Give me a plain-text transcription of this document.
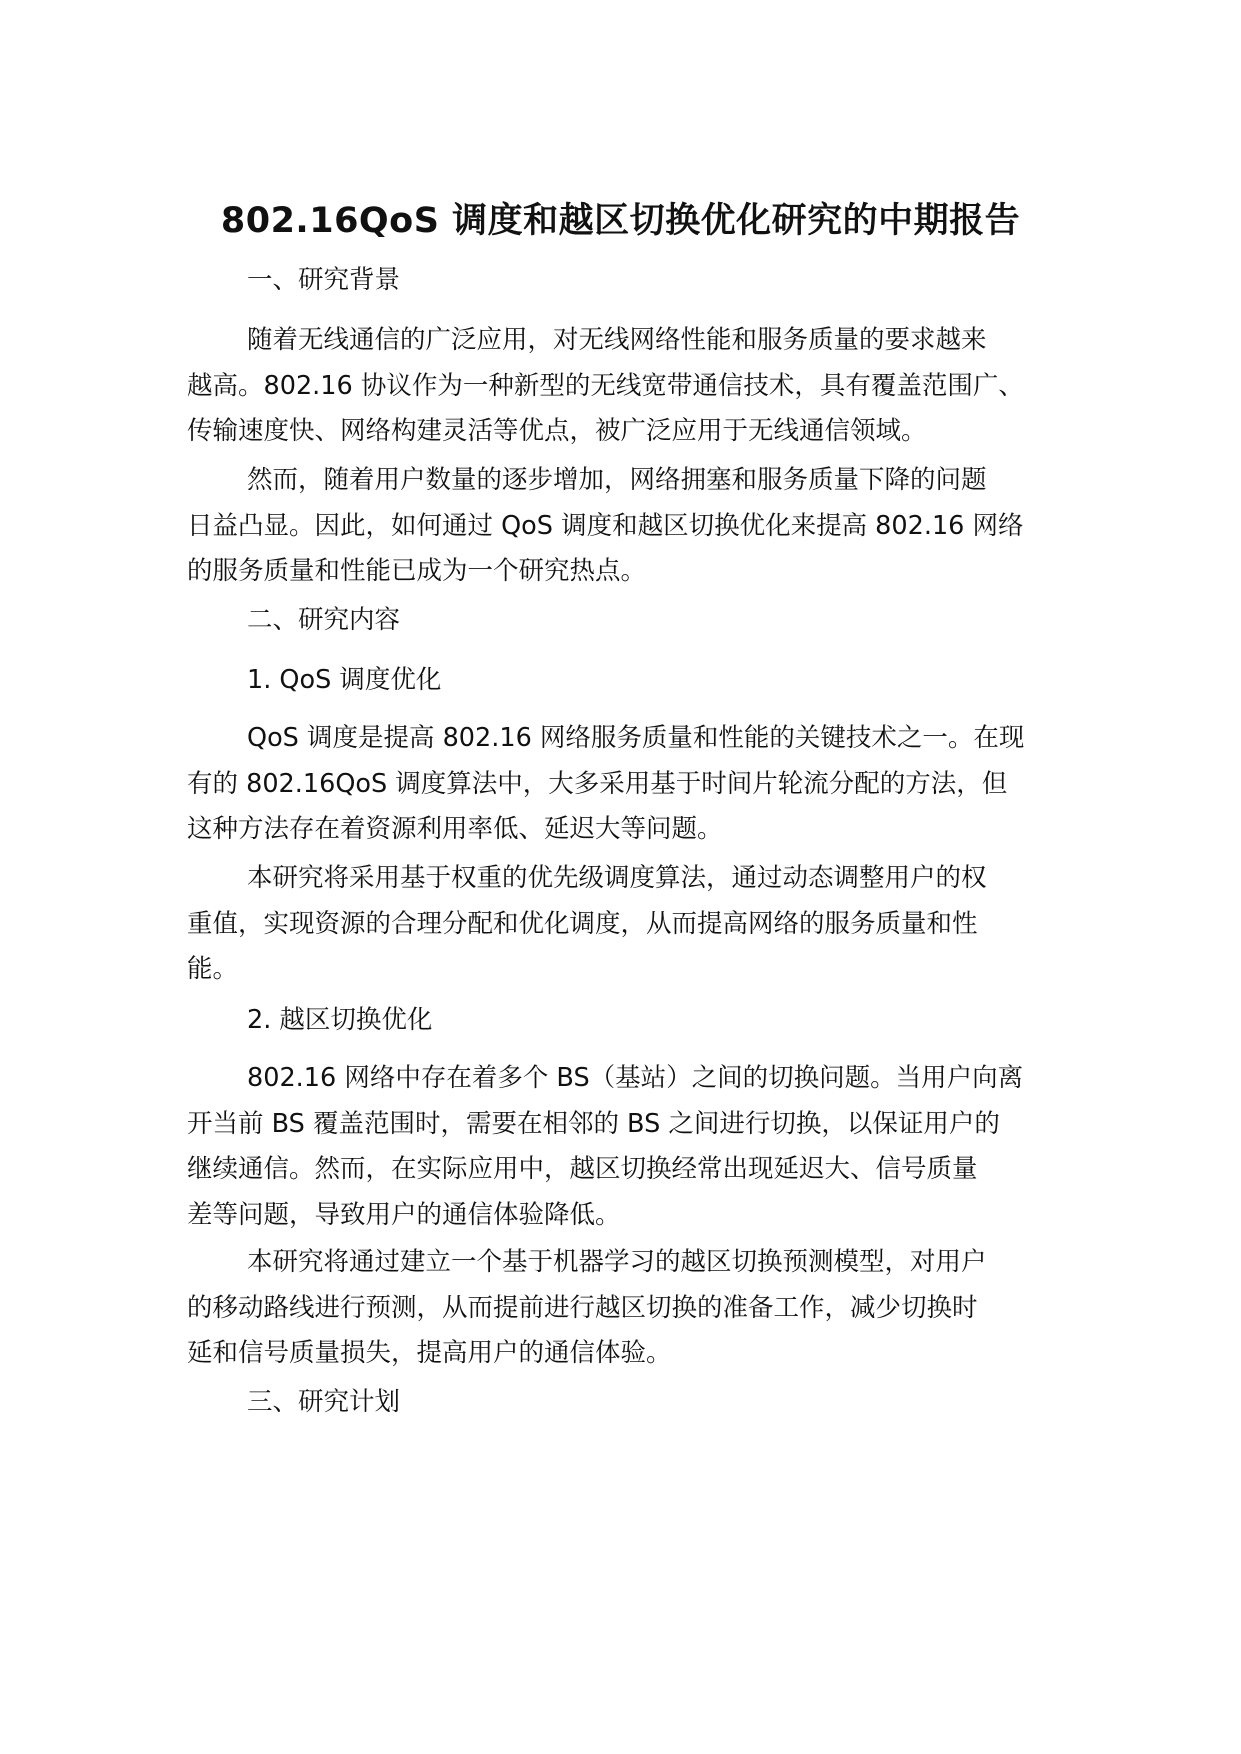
802.16QoS 调度和越区切换优化研究的中期报告

一、研究背景

随着无线通信的广泛应用，对无线网络性能和服务质量的要求越来
越高。802.16 协议作为一种新型的无线宽带通信技术，具有覆盖范围广、
传输速度快、网络构建灵活等优点，被广泛应用于无线通信领域。

然而，随着用户数量的逐步增加，网络拥塞和服务质量下降的问题
日益凸显。因此，如何通过 QoS 调度和越区切换优化来提高 802.16 网络
的服务质量和性能已成为一个研究热点。

二、研究内容

1. QoS 调度优化

QoS 调度是提高 802.16 网络服务质量和性能的关键技术之一。在现
有的 802.16QoS 调度算法中，大多采用基于时间片轮流分配的方法，但
这种方法存在着资源利用率低、延迟大等问题。

本研究将采用基于权重的优先级调度算法，通过动态调整用户的权
重值，实现资源的合理分配和优化调度，从而提高网络的服务质量和性
能。

2. 越区切换优化

802.16 网络中存在着多个 BS（基站）之间的切换问题。当用户向离
开当前 BS 覆盖范围时，需要在相邻的 BS 之间进行切换，以保证用户的
继续通信。然而，在实际应用中，越区切换经常出现延迟大、信号质量
差等问题，导致用户的通信体验降低。

本研究将通过建立一个基于机器学习的越区切换预测模型，对用户
的移动路线进行预测，从而提前进行越区切换的准备工作，减少切换时
延和信号质量损失，提高用户的通信体验。

三、研究计划
